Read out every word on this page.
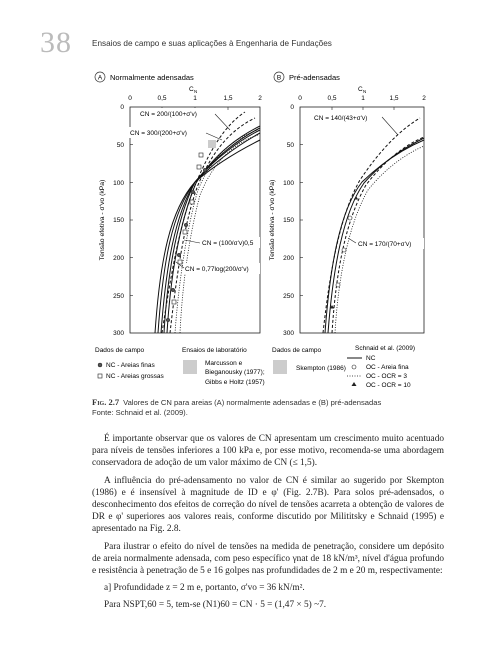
38 Ensaios de campo e suas aplicações à Engenharia de Fundações
A Normalmente adensadas
C N
0	0,5	1	1,5	2
0
50
100
150
200
250
300
Tensão efetiva - σ'vo (kPa)
CN = 200/(100+σ'v)
CN = 300/(200+σ'v)
CN = (100/σ'v)0,5
CN = 0,77log(200/σ'v)
B Pré-adensadas
C N
0	0,5	1	1,5	2
0
50
100
150
200
250
300
Tensão efetiva - σ'vo (kPa)
CN = 140/(43+σ'v)
CN = 170/(70+σ'v)
Dados de campo
NC - Areias finas
NC - Areias grossas
Ensaios de laboratório
Marcusson e
Bieganousky (1977);
Gibbs e Holtz (1957)
Dados de campo
Skempton (1986)
Schnaid et al. (2009)
NC
OC - Areia fina
OC - OCR = 3
OC - OCR = 10
Fig. 2.7 Valores de CN para areias (A) normalmente adensadas e (B) pré-adensadas
Fonte: Schnaid et al. (2009).

É importante observar que os valores de CN apresentam um crescimento muito acentuado para níveis de tensões inferiores a 100 kPa e, por esse motivo, recomenda-se uma abordagem conservadora de adoção de um valor máximo de CN (≤ 1,5).

A influência do pré-adensamento no valor de CN é similar ao sugerido por Skempton (1986) e é insensível à magnitude de ID e φ' (Fig. 2.7B). Para solos pré-adensados, o desconhecimento dos efeitos de correção do nível de tensões acarreta a obtenção de valores de DR e φ' superiores aos valores reais, conforme discutido por Milititsky e Schnaid (1995) e apresentado na Fig. 2.8.

Para ilustrar o efeito do nível de tensões na medida de penetração, considere um depósito de areia normalmente adensada, com peso específico γnat de 18 kN/m³, nível d'água profundo e resistência à penetração de 5 e 16 golpes nas profundidades de 2 m e 20 m, respectivamente:

a] Profundidade z = 2 m e, portanto, σ'vo = 36 kN/m².

Para NSPT,60 = 5, tem-se (N1)60 = CN · 5 = (1,47 × 5) ~7.
